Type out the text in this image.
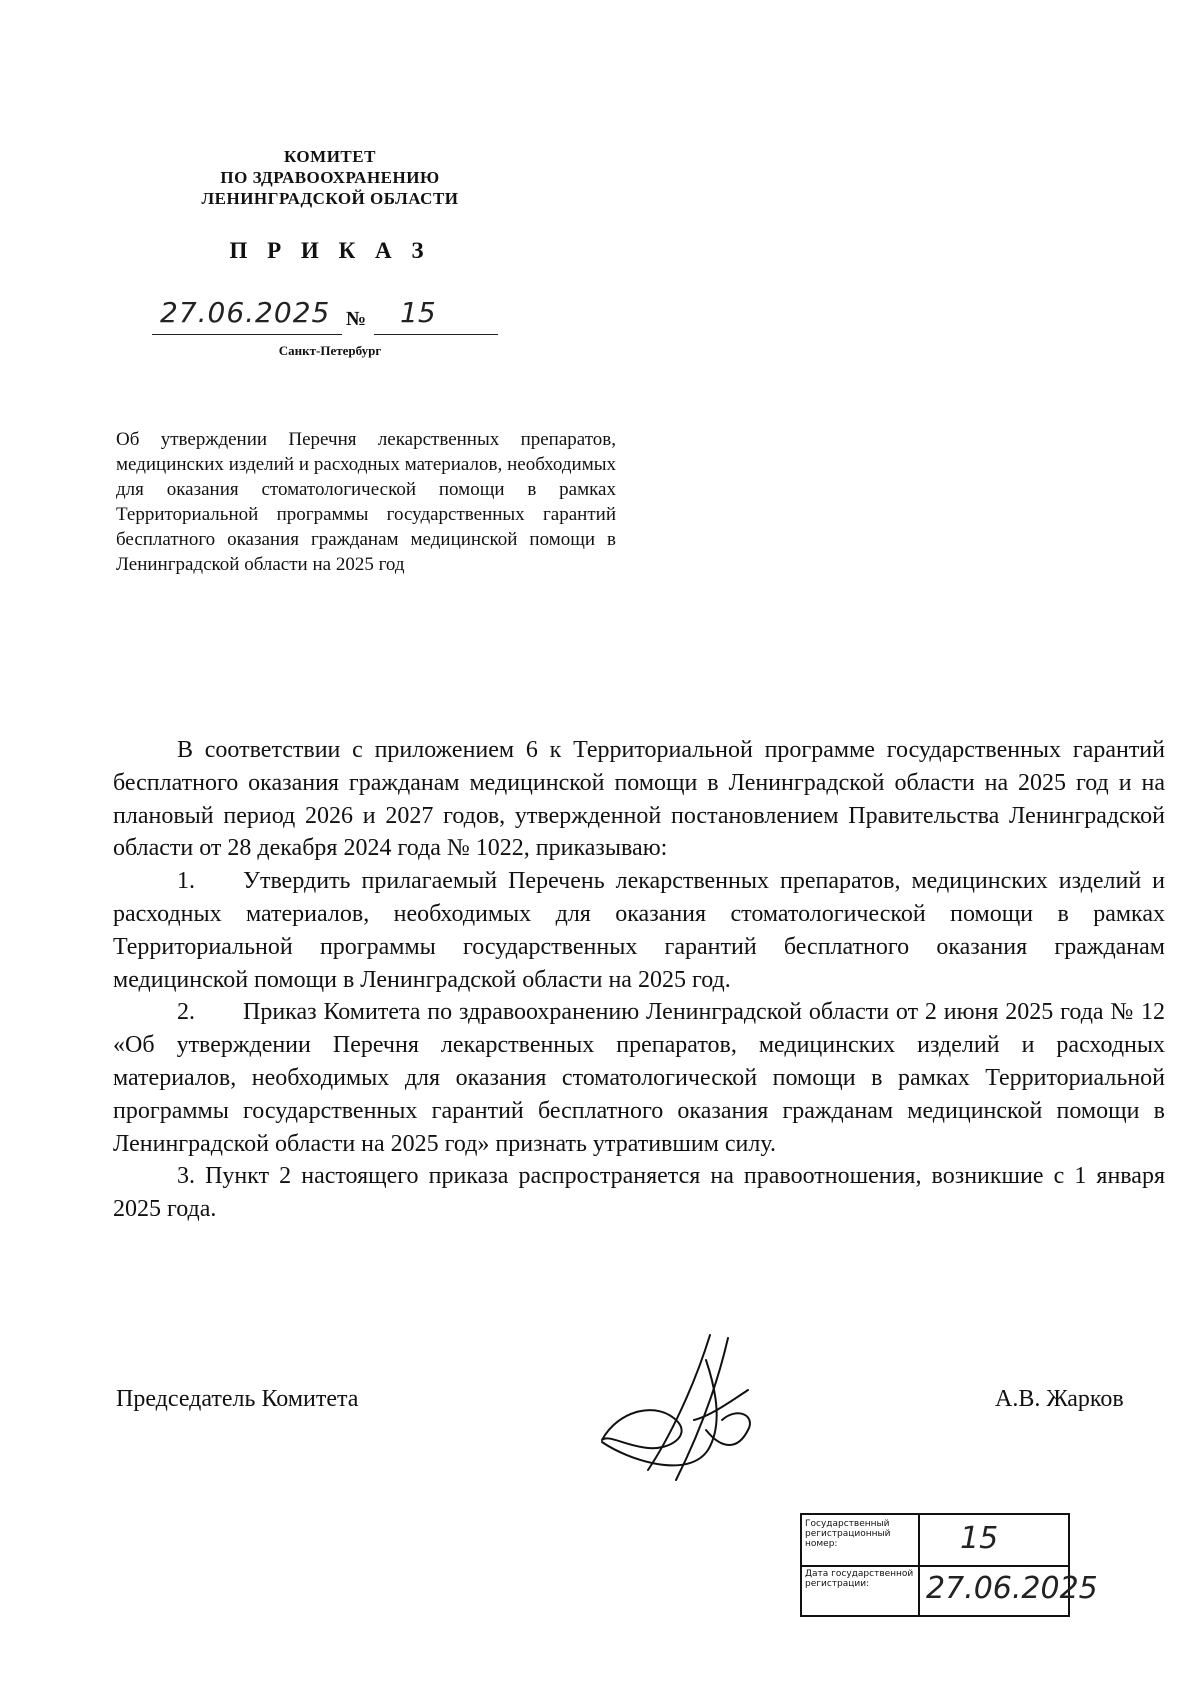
КОМИТЕТ
ПО ЗДРАВООХРАНЕНИЮ
ЛЕНИНГРАДСКОЙ ОБЛАСТИ
П Р И К А З
27.06.2025 № 15
Санкт-Петербург
Об утверждении Перечня лекарственных препаратов, медицинских изделий и расходных материалов, необходимых для оказания стоматологической помощи в рамках Территориальной программы государственных гарантий бесплатного оказания гражданам медицинской помощи в Ленинградской области на 2025 год

В соответствии с приложением 6 к Территориальной программе государственных гарантий бесплатного оказания гражданам медицинской помощи в Ленинградской области на 2025 год и на плановый период 2026 и 2027 годов, утвержденной постановлением Правительства Ленинградской области от 28 декабря 2024 года № 1022, приказываю:

1.  Утвердить прилагаемый Перечень лекарственных препаратов, медицинских изделий и расходных материалов, необходимых для оказания стоматологической помощи в рамках Территориальной программы государственных гарантий бесплатного оказания гражданам медицинской помощи в Ленинградской области на 2025 год.

2.  Приказ Комитета по здравоохранению Ленинградской области от 2 июня 2025 года № 12 «Об утверждении Перечня лекарственных препаратов, медицинских изделий и расходных материалов, необходимых для оказания стоматологической помощи в рамках Территориальной программы государственных гарантий бесплатного оказания гражданам медицинской помощи в Ленинградской области на 2025 год» признать утратившим силу.

3. Пункт 2 настоящего приказа распространяется на правоотношения, возникшие с 1 января 2025 года.

Председатель Комитета	А.В. Жарков
Государственный регистрационный номер:	15
Дата государственной регистрации:	27.06.2025
